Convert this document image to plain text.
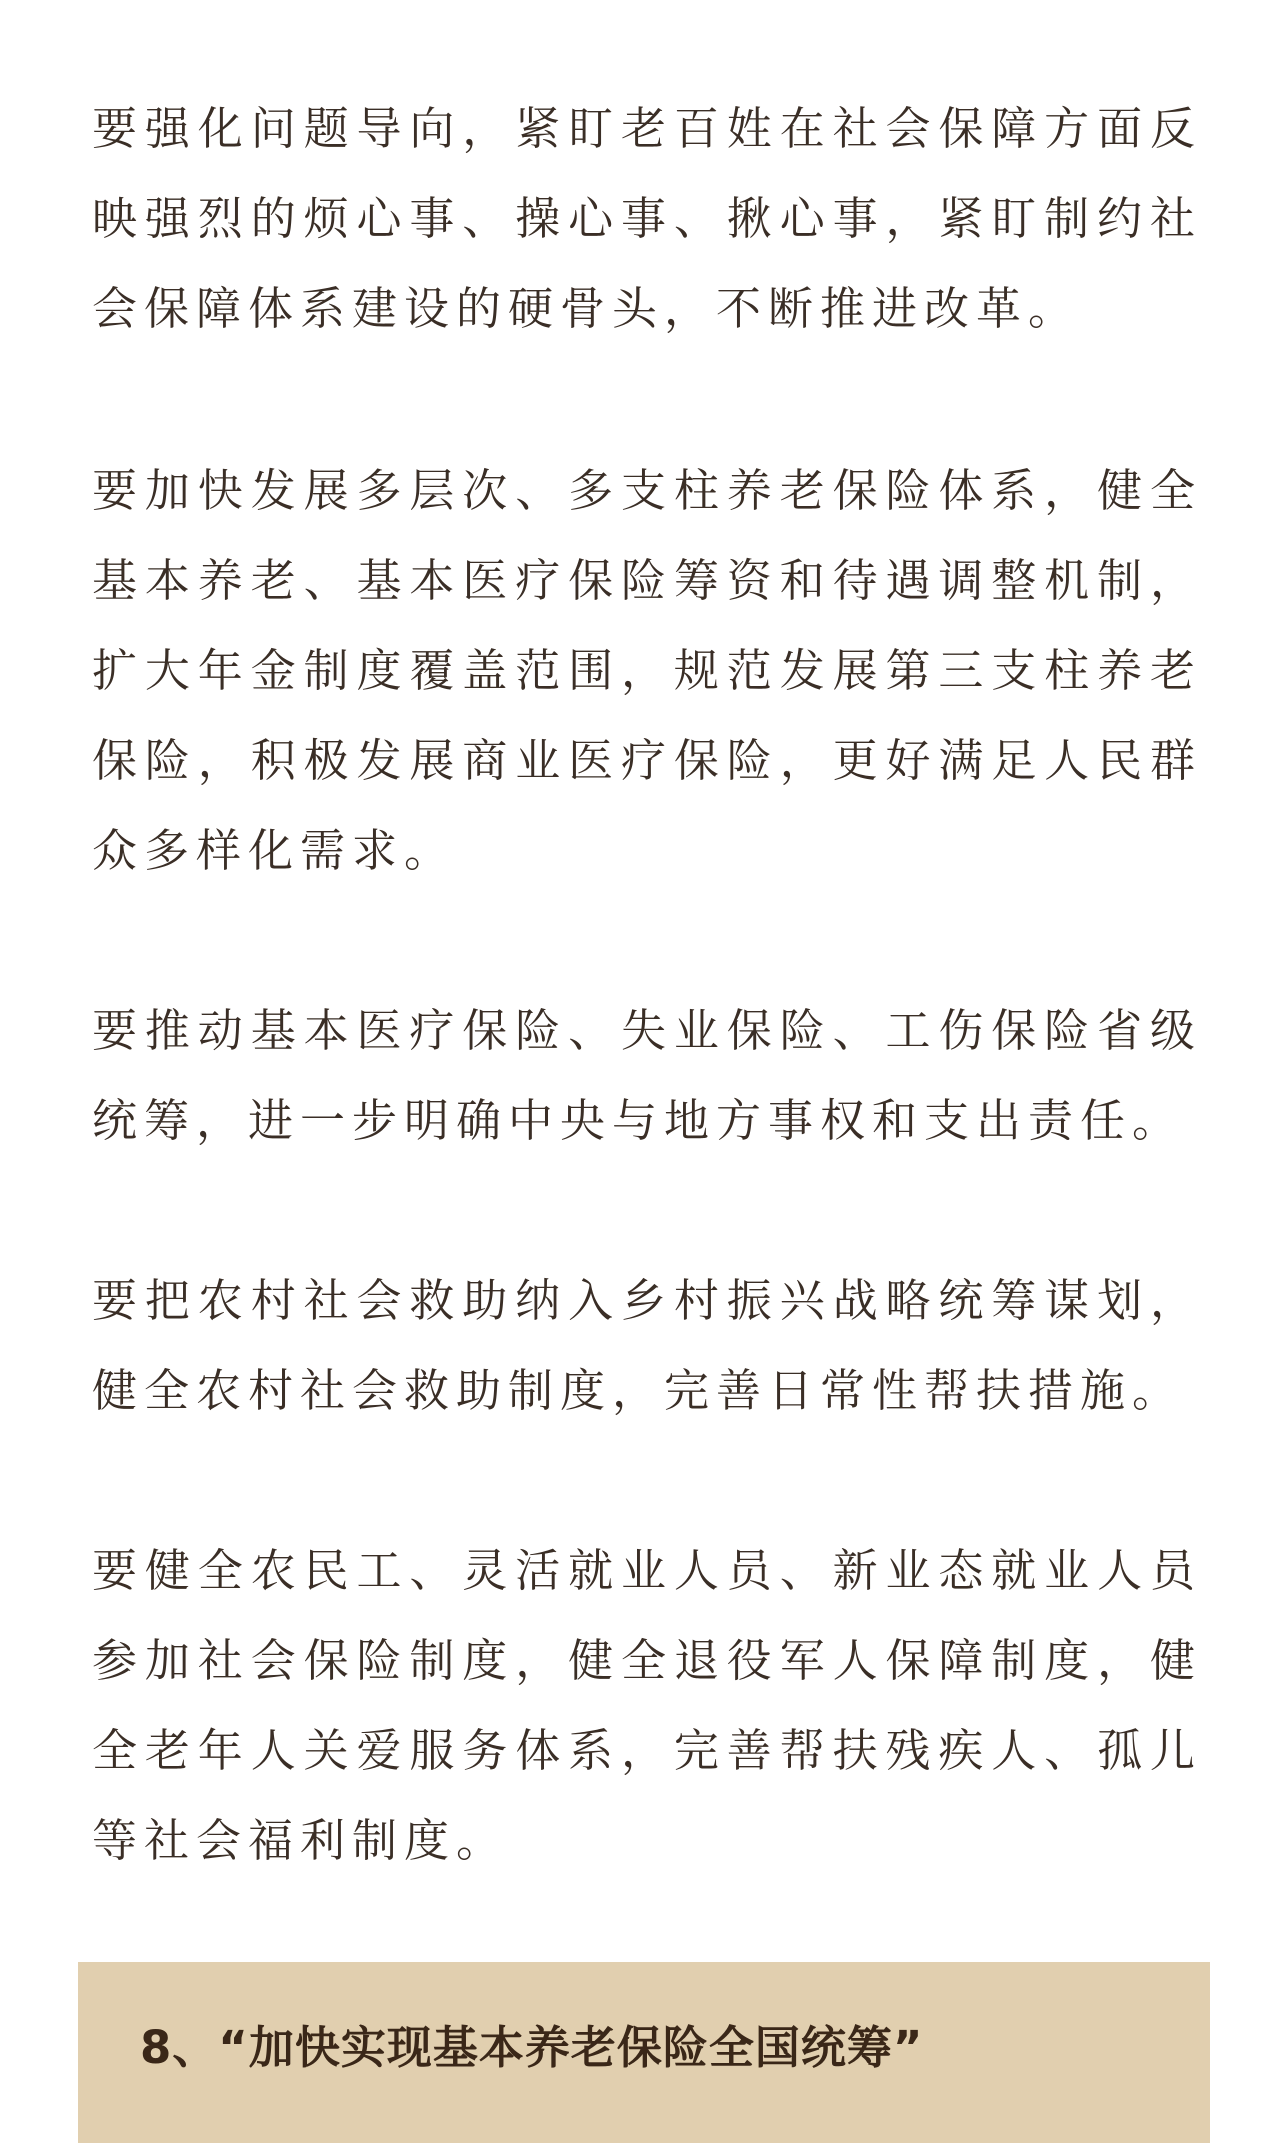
要强化问题导向，紧盯老百姓在社会保障方面反映强烈的烦心事、操心事、揪心事，紧盯制约社会保障体系建设的硬骨头，不断推进改革。

要加快发展多层次、多支柱养老保险体系，健全基本养老、基本医疗保险筹资和待遇调整机制，扩大年金制度覆盖范围，规范发展第三支柱养老保险，积极发展商业医疗保险，更好满足人民群众多样化需求。

要推动基本医疗保险、失业保险、工伤保险省级统筹，进一步明确中央与地方事权和支出责任。

要把农村社会救助纳入乡村振兴战略统筹谋划，健全农村社会救助制度，完善日常性帮扶措施。

要健全农民工、灵活就业人员、新业态就业人员参加社会保险制度，健全退役军人保障制度，健全老年人关爱服务体系，完善帮扶残疾人、孤儿等社会福利制度。

8、“加快实现基本养老保险全国统筹”
